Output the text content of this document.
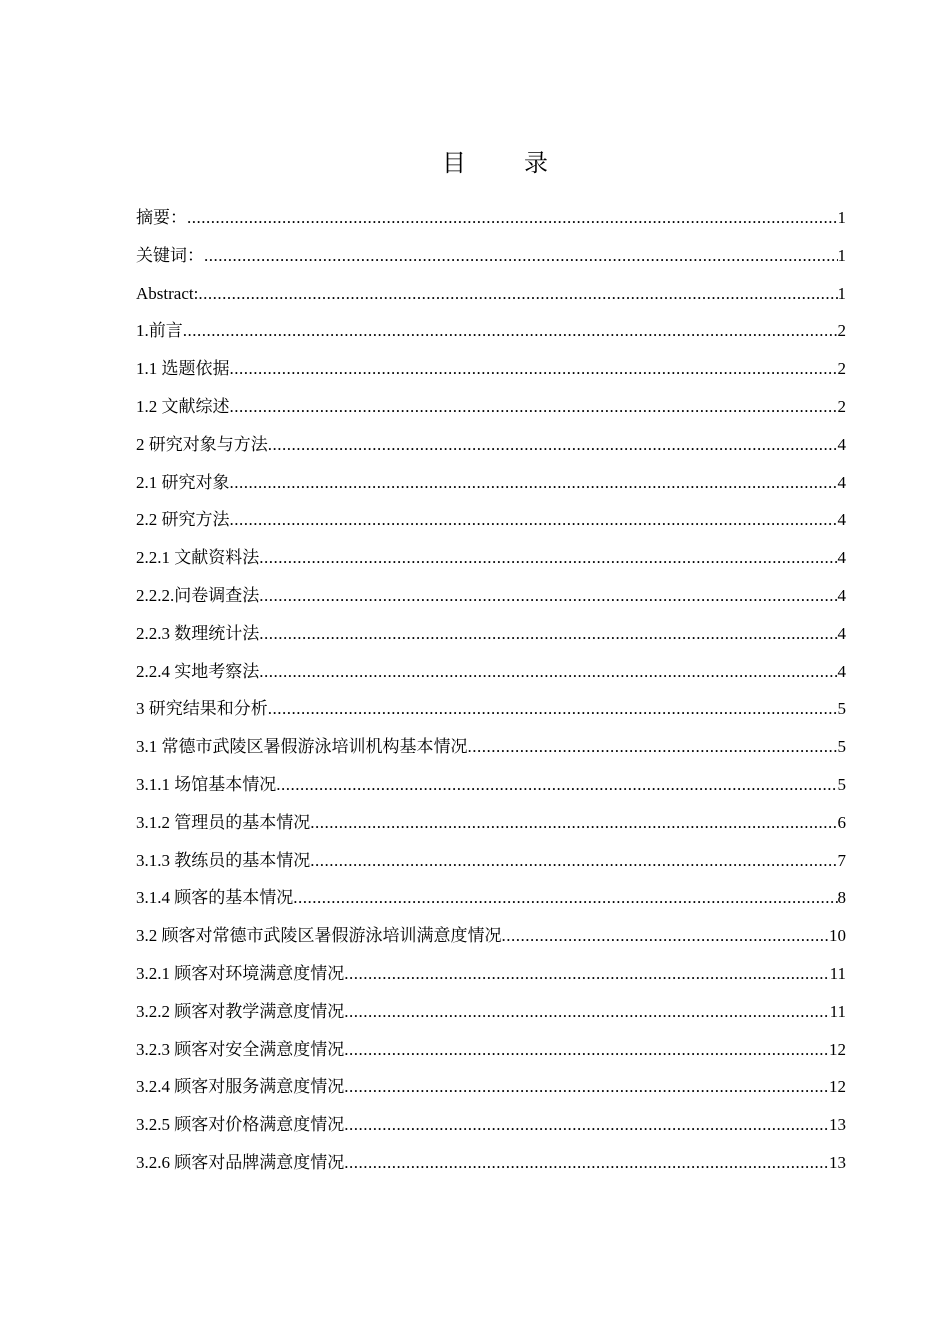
目 录
摘要： .....	1
关键词： .....	1
Abstract: .....	1
1.前言 .....	2
1.1 选题依据 .....	2
1.2 文献综述 .....	2
2 研究对象与方法 .....	4
2.1 研究对象 .....	4
2.2 研究方法 .....	4
2.2.1 文献资料法 .....	4
2.2.2.问卷调查法 .....	4
2.2.3 数理统计法 .....	4
2.2.4 实地考察法 .....	4
3 研究结果和分析 .....	5
3.1 常德市武陵区暑假游泳培训机构基本情况 .....	5
3.1.1 场馆基本情况 .....	5
3.1.2 管理员的基本情况 .....	6
3.1.3 教练员的基本情况 .....	7
3.1.4 顾客的基本情况 .....	8
3.2 顾客对常德市武陵区暑假游泳培训满意度情况 .....	10
3.2.1 顾客对环境满意度情况 .....	11
3.2.2 顾客对教学满意度情况 .....	11
3.2.3 顾客对安全满意度情况 .....	12
3.2.4 顾客对服务满意度情况 .....	12
3.2.5 顾客对价格满意度情况 .....	13
3.2.6 顾客对品牌满意度情况 .....	13
